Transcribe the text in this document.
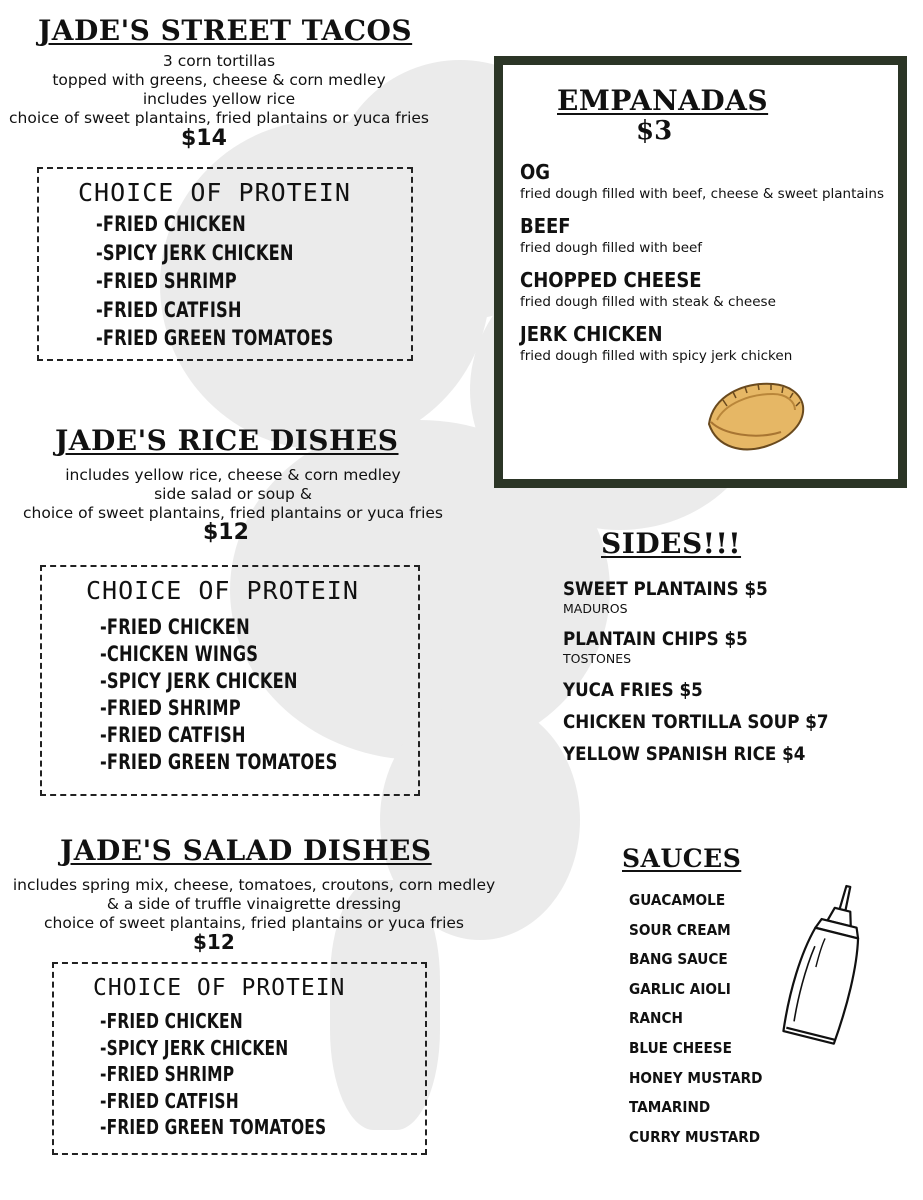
JADE'S STREET TACOS
3 corn tortillas
topped with greens, cheese & corn medley
includes yellow rice
choice of sweet plantains, fried plantains or yuca fries
$14
CHOICE OF PROTEIN
-FRIED CHICKEN
-SPICY JERK CHICKEN
-FRIED SHRIMP
-FRIED CATFISH
-FRIED GREEN TOMATOES
JADE'S RICE DISHES
includes yellow rice, cheese & corn medley
side salad or soup &
choice of sweet plantains, fried plantains or yuca fries
$12
CHOICE OF PROTEIN
-FRIED CHICKEN
-CHICKEN WINGS
-SPICY JERK CHICKEN
-FRIED SHRIMP
-FRIED CATFISH
-FRIED GREEN TOMATOES
JADE'S SALAD DISHES
includes spring mix, cheese, tomatoes, croutons, corn medley
& a side of truffle vinaigrette dressing
choice of sweet plantains, fried plantains or yuca fries
$12
CHOICE OF PROTEIN
-FRIED CHICKEN
-SPICY JERK CHICKEN
-FRIED SHRIMP
-FRIED CATFISH
-FRIED GREEN TOMATOES
EMPANADAS
$3
OG
fried dough filled with beef, cheese & sweet plantains
BEEF
fried dough filled with beef
CHOPPED CHEESE
fried dough filled with steak & cheese
JERK CHICKEN
fried dough filled with spicy jerk chicken
SIDES!!!
SWEET PLANTAINS $5
MADUROS
PLANTAIN CHIPS $5
TOSTONES
YUCA FRIES $5
CHICKEN TORTILLA SOUP $7
YELLOW SPANISH RICE $4
SAUCES
GUACAMOLE
SOUR CREAM
BANG SAUCE
GARLIC AIOLI
RANCH
BLUE CHEESE
HONEY MUSTARD
TAMARIND
CURRY MUSTARD
